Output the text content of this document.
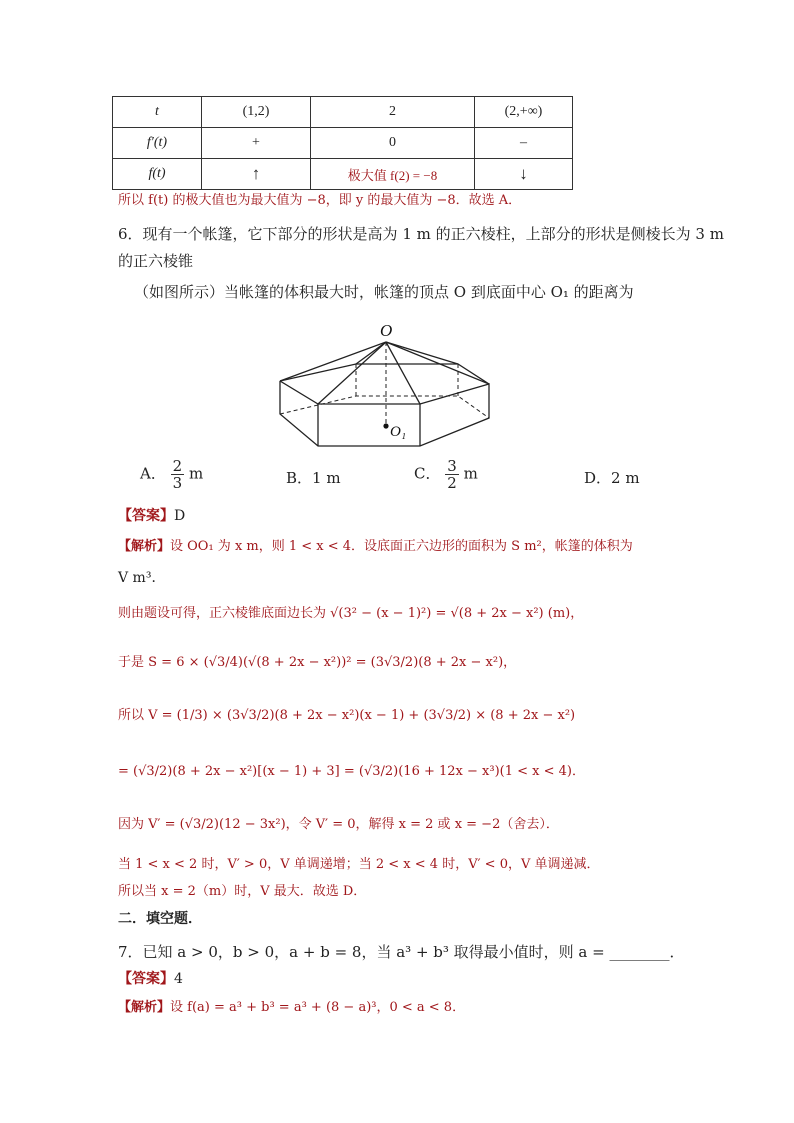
t	(1,2)	2	(2,+∞)
f′(t)	+	0	–
f(t)	↑	极大值 f(2) = −8	↓
所以 f(t) 的极大值也为最大值为 −8，即 y 的最大值为 −8．故选 A．
6．现有一个帐篷，它下部分的形状是高为 1 m 的正六棱柱，上部分的形状是侧棱长为 3 m
的正六棱锥
（如图所示）当帐篷的体积最大时，帐篷的顶点 O 到底面中心 O₁ 的距离为
O
O₁
A． $\frac{2}{3}$ m	B．1 m	C． $\frac{3}{2}$ m	D．2 m
【答案】D
【解析】设 OO₁ 为 x m，则 1 < x < 4．设底面正六边形的面积为 S m²，帐篷的体积为
V m³．
则由题设可得，正六棱锥底面边长为 √(3² − (x − 1)²) = √(8 + 2x − x²) (m)，
于是 S = 6 × (√3/4)(√(8 + 2x − x²))² = (3√3/2)(8 + 2x − x²)，
所以 V = (1/3) × (3√3/2)(8 + 2x − x²)(x − 1) + (3√3/2) × (8 + 2x − x²)
= (√3/2)(8 + 2x − x²)[(x − 1) + 3] = (√3/2)(16 + 12x − x³)(1 < x < 4)．
因为 V′ = (√3/2)(12 − 3x²)，令 V′ = 0，解得 x = 2 或 x = −2（舍去）．
当 1 < x < 2 时，V′ > 0，V 单调递增；当 2 < x < 4 时，V′ < 0，V 单调递减．
所以当 x = 2（m）时，V 最大．故选 D．
二．填空题．
7．已知 a > 0，b > 0，a + b = 8，当 a³ + b³ 取得最小值时，则 a = ________．
【答案】4
【解析】设 f(a) = a³ + b³ = a³ + (8 − a)³，0 < a < 8．
